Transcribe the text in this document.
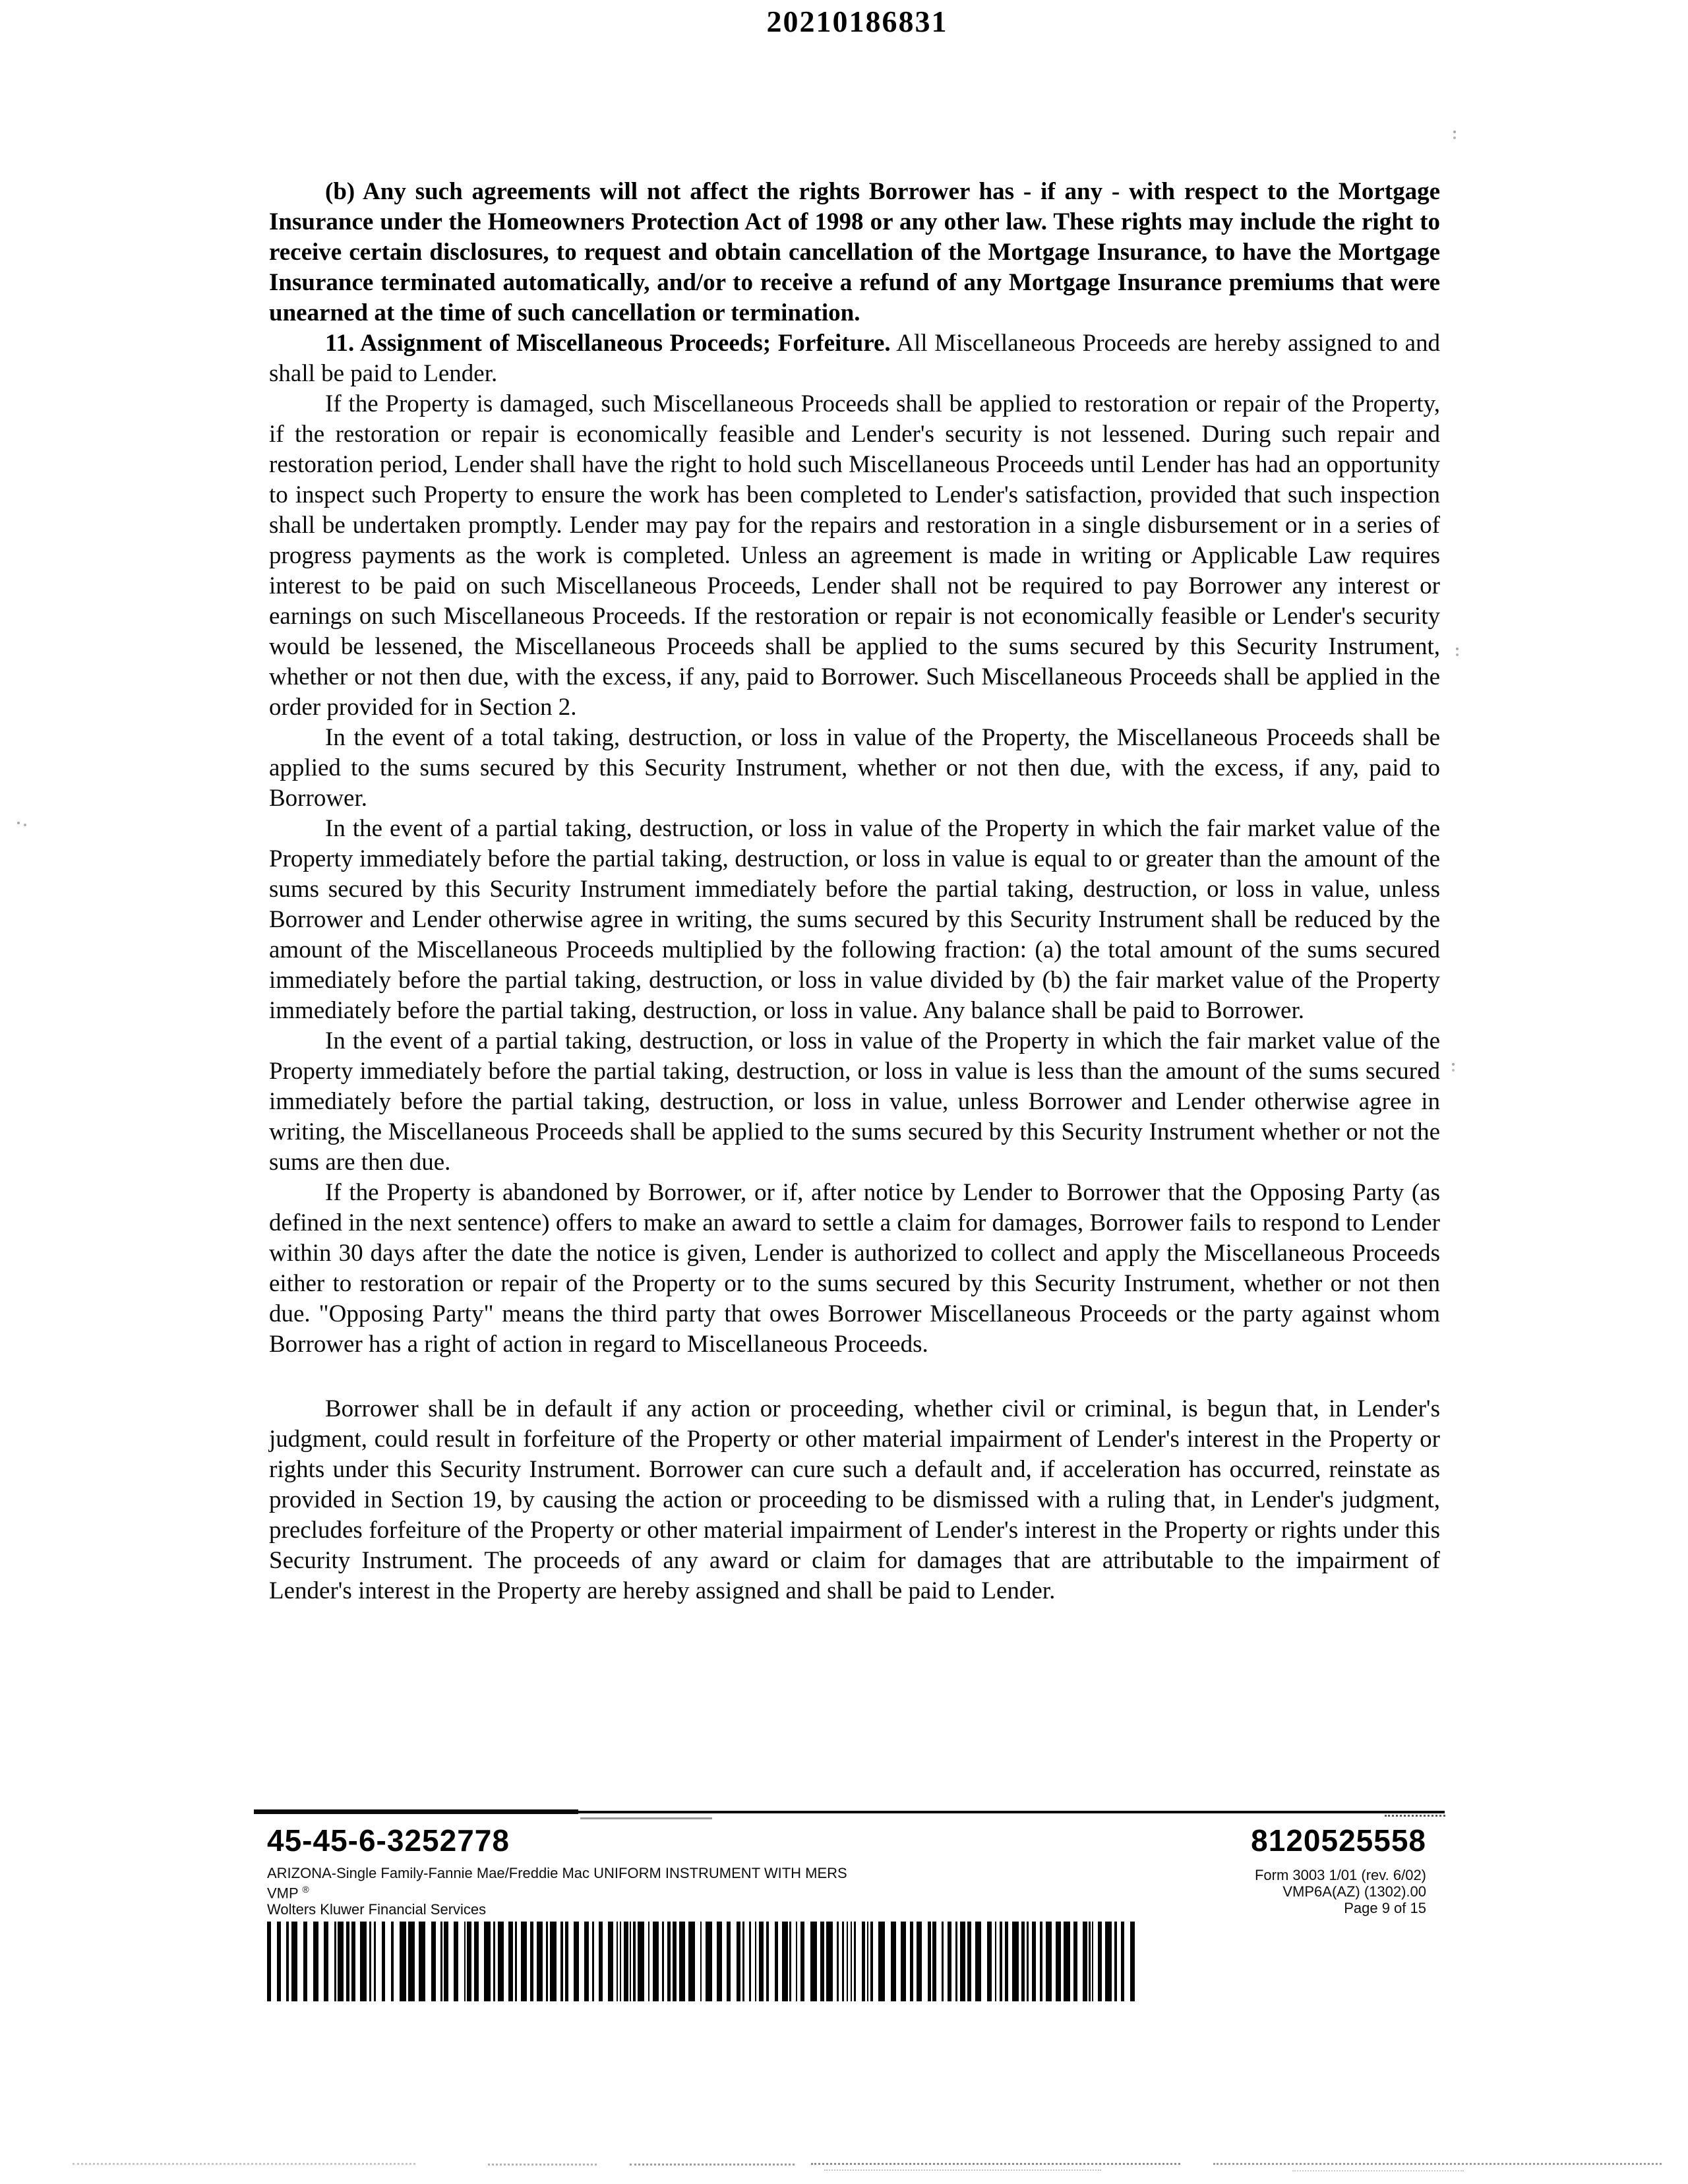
20210186831

(b) Any such agreements will not affect the rights Borrower has - if any - with respect to the Mortgage Insurance under the Homeowners Protection Act of 1998 or any other law. These rights may include the right to receive certain disclosures, to request and obtain cancellation of the Mortgage Insurance, to have the Mortgage Insurance terminated automatically, and/or to receive a refund of any Mortgage Insurance premiums that were unearned at the time of such cancellation or termination.

11. Assignment of Miscellaneous Proceeds; Forfeiture. All Miscellaneous Proceeds are hereby assigned to and shall be paid to Lender.

If the Property is damaged, such Miscellaneous Proceeds shall be applied to restoration or repair of the Property, if the restoration or repair is economically feasible and Lender's security is not lessened. During such repair and restoration period, Lender shall have the right to hold such Miscellaneous Proceeds until Lender has had an opportunity to inspect such Property to ensure the work has been completed to Lender's satisfaction, provided that such inspection shall be undertaken promptly. Lender may pay for the repairs and restoration in a single disbursement or in a series of progress payments as the work is completed. Unless an agreement is made in writing or Applicable Law requires interest to be paid on such Miscellaneous Proceeds, Lender shall not be required to pay Borrower any interest or earnings on such Miscellaneous Proceeds. If the restoration or repair is not economically feasible or Lender's security would be lessened, the Miscellaneous Proceeds shall be applied to the sums secured by this Security Instrument, whether or not then due, with the excess, if any, paid to Borrower. Such Miscellaneous Proceeds shall be applied in the order provided for in Section 2.

In the event of a total taking, destruction, or loss in value of the Property, the Miscellaneous Proceeds shall be applied to the sums secured by this Security Instrument, whether or not then due, with the excess, if any, paid to Borrower.

In the event of a partial taking, destruction, or loss in value of the Property in which the fair market value of the Property immediately before the partial taking, destruction, or loss in value is equal to or greater than the amount of the sums secured by this Security Instrument immediately before the partial taking, destruction, or loss in value, unless Borrower and Lender otherwise agree in writing, the sums secured by this Security Instrument shall be reduced by the amount of the Miscellaneous Proceeds multiplied by the following fraction: (a) the total amount of the sums secured immediately before the partial taking, destruction, or loss in value divided by (b) the fair market value of the Property immediately before the partial taking, destruction, or loss in value. Any balance shall be paid to Borrower.

In the event of a partial taking, destruction, or loss in value of the Property in which the fair market value of the Property immediately before the partial taking, destruction, or loss in value is less than the amount of the sums secured immediately before the partial taking, destruction, or loss in value, unless Borrower and Lender otherwise agree in writing, the Miscellaneous Proceeds shall be applied to the sums secured by this Security Instrument whether or not the sums are then due.

If the Property is abandoned by Borrower, or if, after notice by Lender to Borrower that the Opposing Party (as defined in the next sentence) offers to make an award to settle a claim for damages, Borrower fails to respond to Lender within 30 days after the date the notice is given, Lender is authorized to collect and apply the Miscellaneous Proceeds either to restoration or repair of the Property or to the sums secured by this Security Instrument, whether or not then due. "Opposing Party" means the third party that owes Borrower Miscellaneous Proceeds or the party against whom Borrower has a right of action in regard to Miscellaneous Proceeds.

Borrower shall be in default if any action or proceeding, whether civil or criminal, is begun that, in Lender's judgment, could result in forfeiture of the Property or other material impairment of Lender's interest in the Property or rights under this Security Instrument. Borrower can cure such a default and, if acceleration has occurred, reinstate as provided in Section 19, by causing the action or proceeding to be dismissed with a ruling that, in Lender's judgment, precludes forfeiture of the Property or other material impairment of Lender's interest in the Property or rights under this Security Instrument. The proceeds of any award or claim for damages that are attributable to the impairment of Lender's interest in the Property are hereby assigned and shall be paid to Lender.

45-45-6-3252778	8120525558
ARIZONA-Single Family-Fannie Mae/Freddie Mac UNIFORM INSTRUMENT WITH MERS
VMP ®
Wolters Kluwer Financial Services
Form 3003 1/01 (rev. 6/02)
VMP6A(AZ) (1302).00
Page 9 of 15
